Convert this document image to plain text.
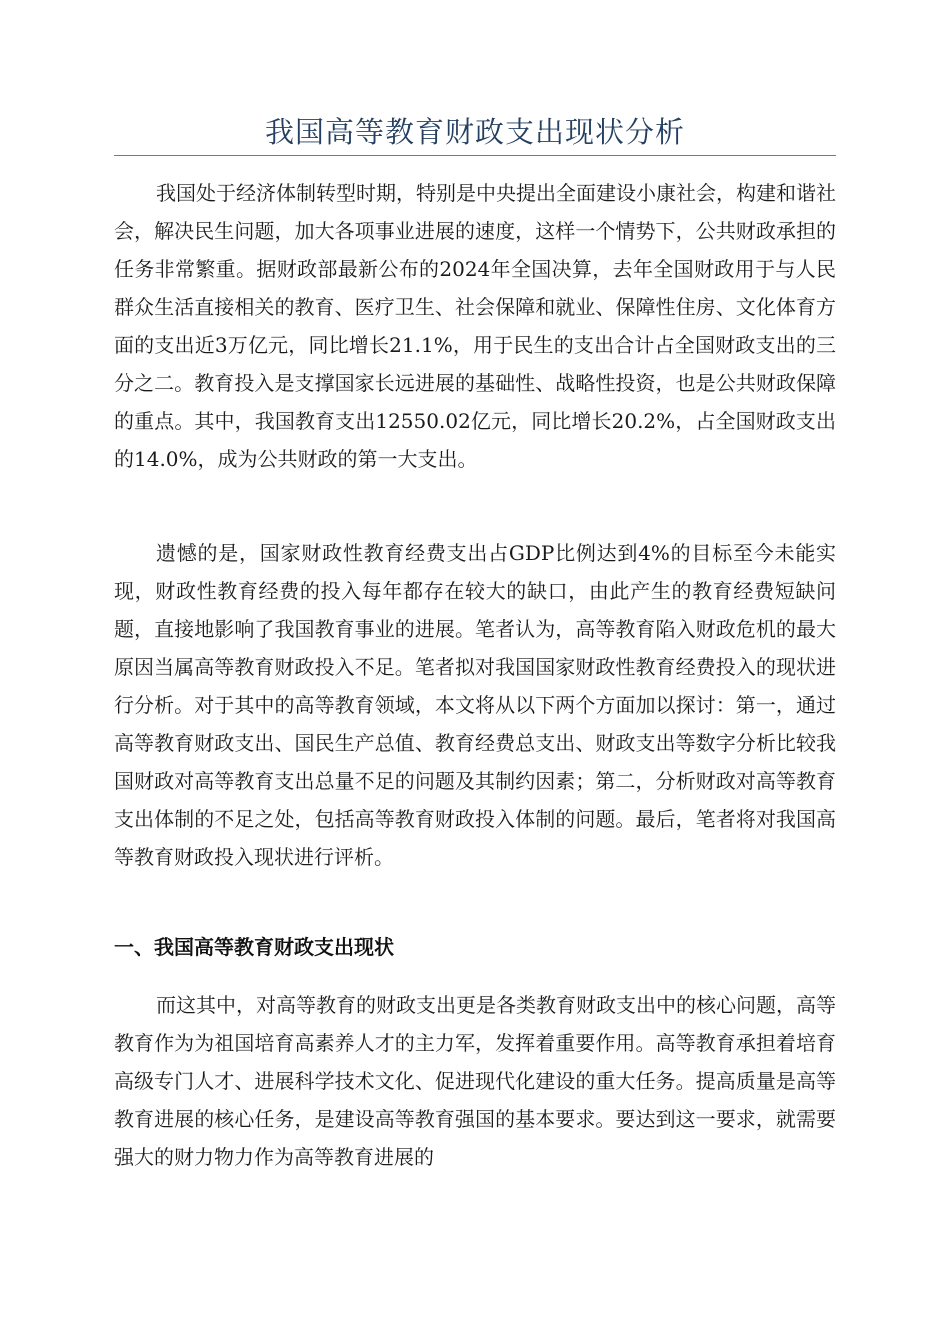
我国高等教育财政支出现状分析

我国处于经济体制转型时期，特别是中央提出全面建设小康社会，构建和谐社会，解决民生问题，加大各项事业进展的速度，这样一个情势下，公共财政承担的任务非常繁重。据财政部最新公布的2024年全国决算，去年全国财政用于与人民群众生活直接相关的教育、医疗卫生、社会保障和就业、保障性住房、文化体育方面的支出近3万亿元，同比增长21.1%，用于民生的支出合计占全国财政支出的三分之二。教育投入是支撑国家长远进展的基础性、战略性投资，也是公共财政保障的重点。其中，我国教育支出12550.02亿元，同比增长20.2%，占全国财政支出的14.0%，成为公共财政的第一大支出。

遗憾的是，国家财政性教育经费支出占GDP比例达到4%的目标至今未能实现，财政性教育经费的投入每年都存在较大的缺口，由此产生的教育经费短缺问题，直接地影响了我国教育事业的进展。笔者认为，高等教育陷入财政危机的最大原因当属高等教育财政投入不足。笔者拟对我国国家财政性教育经费投入的现状进行分析。对于其中的高等教育领域，本文将从以下两个方面加以探讨：第一，通过高等教育财政支出、国民生产总值、教育经费总支出、财政支出等数字分析比较我国财政对高等教育支出总量不足的问题及其制约因素；第二，分析财政对高等教育支出体制的不足之处，包括高等教育财政投入体制的问题。最后，笔者将对我国高等教育财政投入现状进行评析。

一、我国高等教育财政支出现状

而这其中，对高等教育的财政支出更是各类教育财政支出中的核心问题，高等教育作为为祖国培育高素养人才的主力军，发挥着重要作用。高等教育承担着培育高级专门人才、进展科学技术文化、促进现代化建设的重大任务。提高质量是高等教育进展的核心任务，是建设高等教育强国的基本要求。要达到这一要求，就需要强大的财力物力作为高等教育进展的
